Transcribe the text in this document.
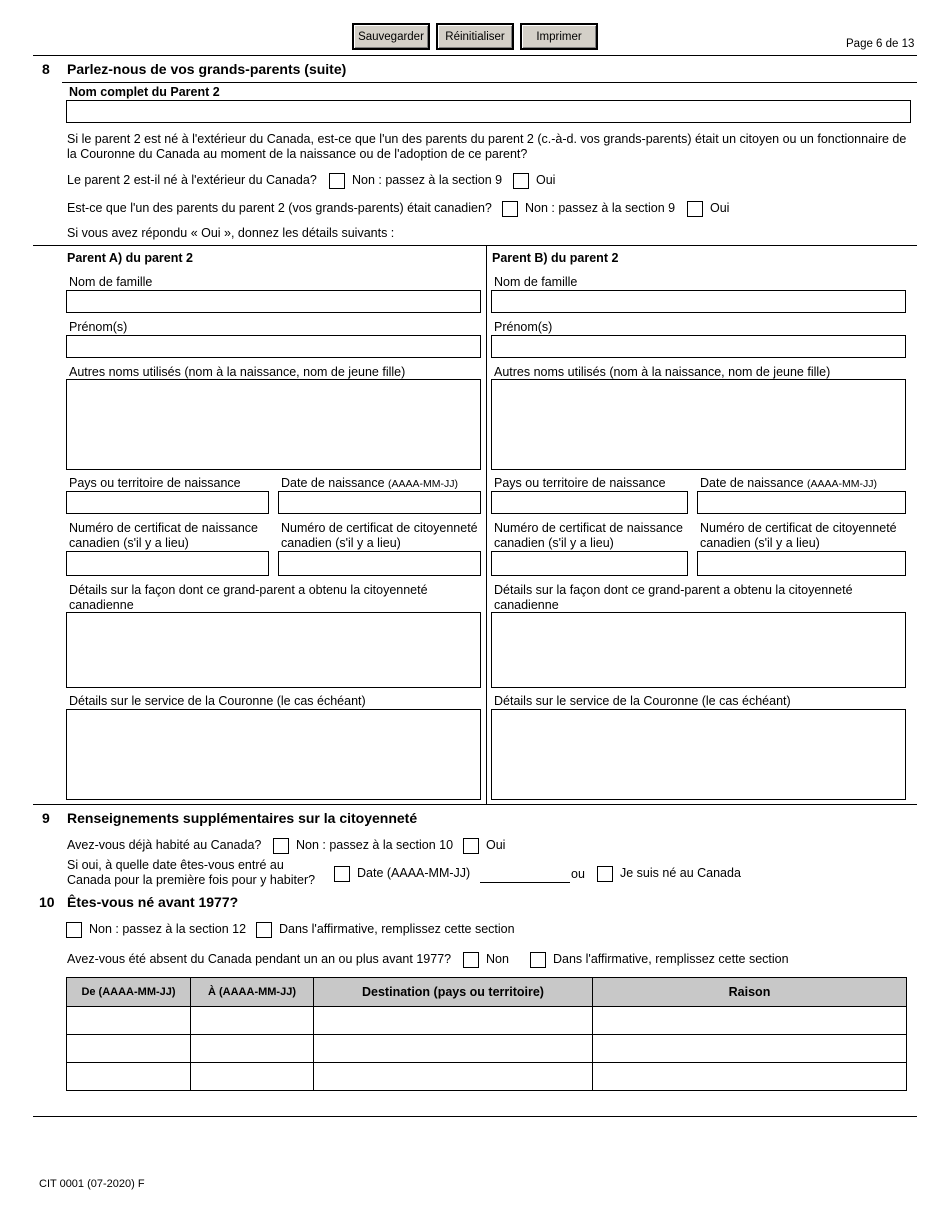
Sauvegarder	Réinitialiser	Imprimer
Page 6 de 13
8 Parlez-nous de vos grands-parents (suite)
Nom complet du Parent 2
Si le parent 2 est né à l'extérieur du Canada, est-ce que l'un des parents du parent 2 (c.-à-d. vos grands-parents) était un citoyen ou un fonctionnaire de la Couronne du Canada au moment de la naissance ou de l'adoption de ce parent?
Le parent 2 est-il né à l'extérieur du Canada?	Non : passez à la section 9	Oui
Est-ce que l'un des parents du parent 2 (vos grands-parents) était canadien?	Non : passez à la section 9	Oui
Si vous avez répondu « Oui », donnez les détails suivants :
Parent A) du parent 2
Nom de famille
Prénom(s)
Autres noms utilisés (nom à la naissance, nom de jeune fille)
Pays ou territoire de naissance	Date de naissance (AAAA-MM-JJ)
Numéro de certificat de naissance canadien (s'il y a lieu)
Numéro de certificat de citoyenneté canadien (s'il y a lieu)
Détails sur la façon dont ce grand-parent a obtenu la citoyenneté canadienne
Détails sur le service de la Couronne (le cas échéant)
Parent B) du parent 2
Nom de famille
Prénom(s)
Autres noms utilisés (nom à la naissance, nom de jeune fille)
Pays ou territoire de naissance	Date de naissance (AAAA-MM-JJ)
Numéro de certificat de naissance canadien (s'il y a lieu)
Numéro de certificat de citoyenneté canadien (s'il y a lieu)
Détails sur la façon dont ce grand-parent a obtenu la citoyenneté canadienne
Détails sur le service de la Couronne (le cas échéant)
9 Renseignements supplémentaires sur la citoyenneté
Avez-vous déjà habité au Canada?	Non : passez à la section 10	Oui
Si oui, à quelle date êtes-vous entré au Canada pour la première fois pour y habiter?	Date (AAAA-MM-JJ)	ou	Je suis né au Canada
10 Êtes-vous né avant 1977?
Non : passez à la section 12	Dans l'affirmative, remplissez cette section
Avez-vous été absent du Canada pendant un an ou plus avant 1977?	Non	Dans l'affirmative, remplissez cette section
De (AAAA-MM-JJ)	À (AAAA-MM-JJ)	Destination (pays ou territoire)	Raison

CIT 0001 (07-2020) F
